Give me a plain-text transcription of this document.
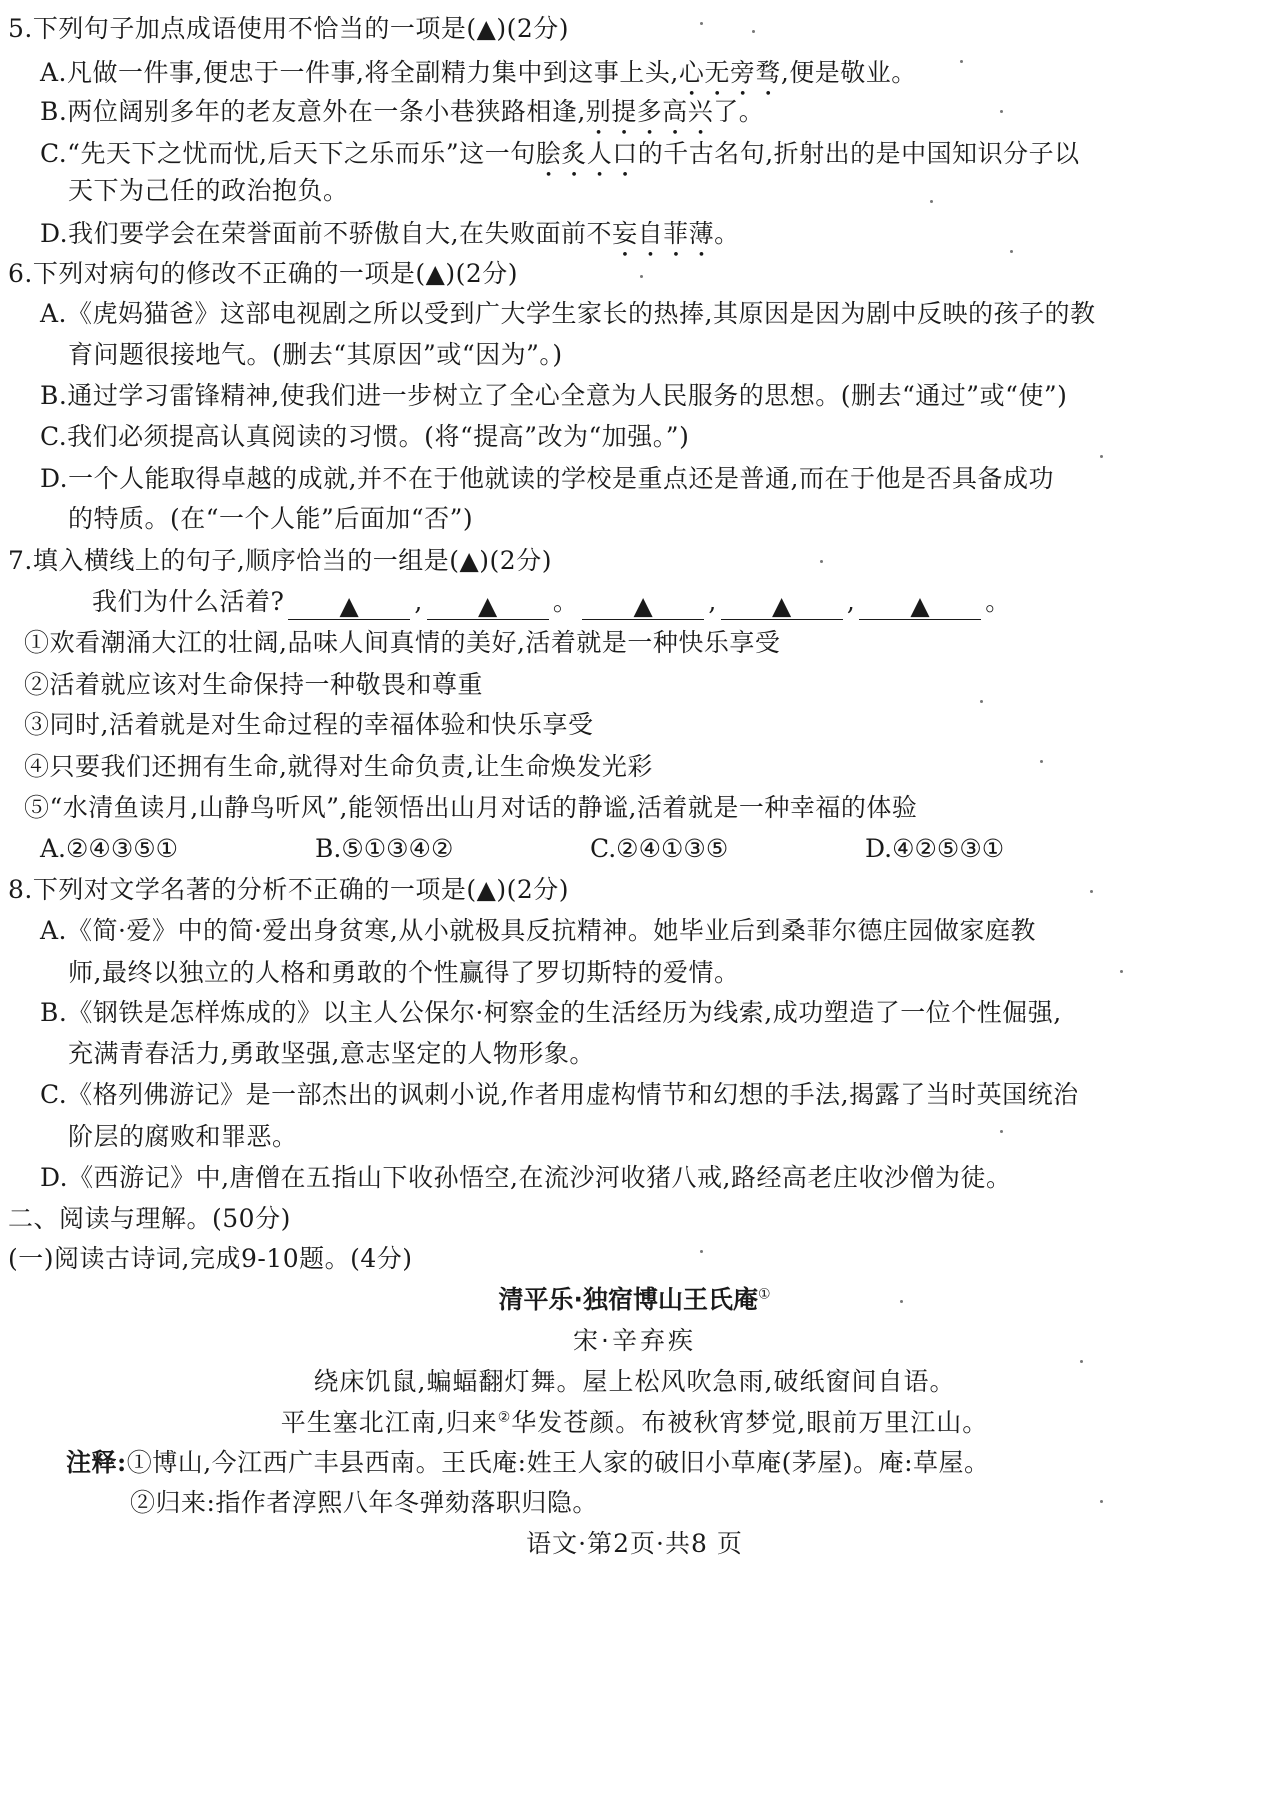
5.下列句子加点成语使用不恰当的一项是(▲)(2分)
A.凡做一件事,便忠于一件事,将全副精力集中到这事上头,心无旁骛,便是敬业。
B.两位阔别多年的老友意外在一条小巷狭路相逢,别提多高兴了。
C.“先天下之忧而忧,后天下之乐而乐”这一句脍炙人口的千古名句,折射出的是中国知识分子以
天下为己任的政治抱负。
D.我们要学会在荣誉面前不骄傲自大,在失败面前不妄自菲薄。
6.下列对病句的修改不正确的一项是(▲)(2分)
A.《虎妈猫爸》这部电视剧之所以受到广大学生家长的热捧,其原因是因为剧中反映的孩子的教
育问题很接地气。(删去“其原因”或“因为”。)
B.通过学习雷锋精神,使我们进一步树立了全心全意为人民服务的思想。(删去“通过”或“使”)
C.我们必须提高认真阅读的习惯。(将“提高”改为“加强。”)
D.一个人能取得卓越的成就,并不在于他就读的学校是重点还是普通,而在于他是否具备成功
的特质。(在“一个人能”后面加“否”)
7.填入横线上的句子,顺序恰当的一组是(▲)(2分)
我们为什么活着? ▲ , ▲ 。 ▲ , ▲ , ▲ 。
①欢看潮涌大江的壮阔,品味人间真情的美好,活着就是一种快乐享受
②活着就应该对生命保持一种敬畏和尊重
③同时,活着就是对生命过程的幸福体验和快乐享受
④只要我们还拥有生命,就得对生命负责,让生命焕发光彩
⑤“水清鱼读月,山静鸟听风”,能领悟出山月对话的静谧,活着就是一种幸福的体验
A.②④③⑤①	B.⑤①③④②	C.②④①③⑤	D.④②⑤③①
8.下列对文学名著的分析不正确的一项是(▲)(2分)
A.《简·爱》中的简·爱出身贫寒,从小就极具反抗精神。她毕业后到桑菲尔德庄园做家庭教
师,最终以独立的人格和勇敢的个性赢得了罗切斯特的爱情。
B.《钢铁是怎样炼成的》以主人公保尔·柯察金的生活经历为线索,成功塑造了一位个性倔强,
充满青春活力,勇敢坚强,意志坚定的人物形象。
C.《格列佛游记》是一部杰出的讽刺小说,作者用虚构情节和幻想的手法,揭露了当时英国统治
阶层的腐败和罪恶。
D.《西游记》中,唐僧在五指山下收孙悟空,在流沙河收猪八戒,路经高老庄收沙僧为徒。
二、阅读与理解。(50分)
(一)阅读古诗词,完成9-10题。(4分)
清平乐·独宿博山王氏庵①
宋·辛弃疾
绕床饥鼠,蝙蝠翻灯舞。屋上松风吹急雨,破纸窗间自语。
平生塞北江南,归来②华发苍颜。布被秋宵梦觉,眼前万里江山。
注释:①博山,今江西广丰县西南。王氏庵:姓王人家的破旧小草庵(茅屋)。庵:草屋。
②归来:指作者淳熙八年冬弹劾落职归隐。
语文·第2页·共8 页
